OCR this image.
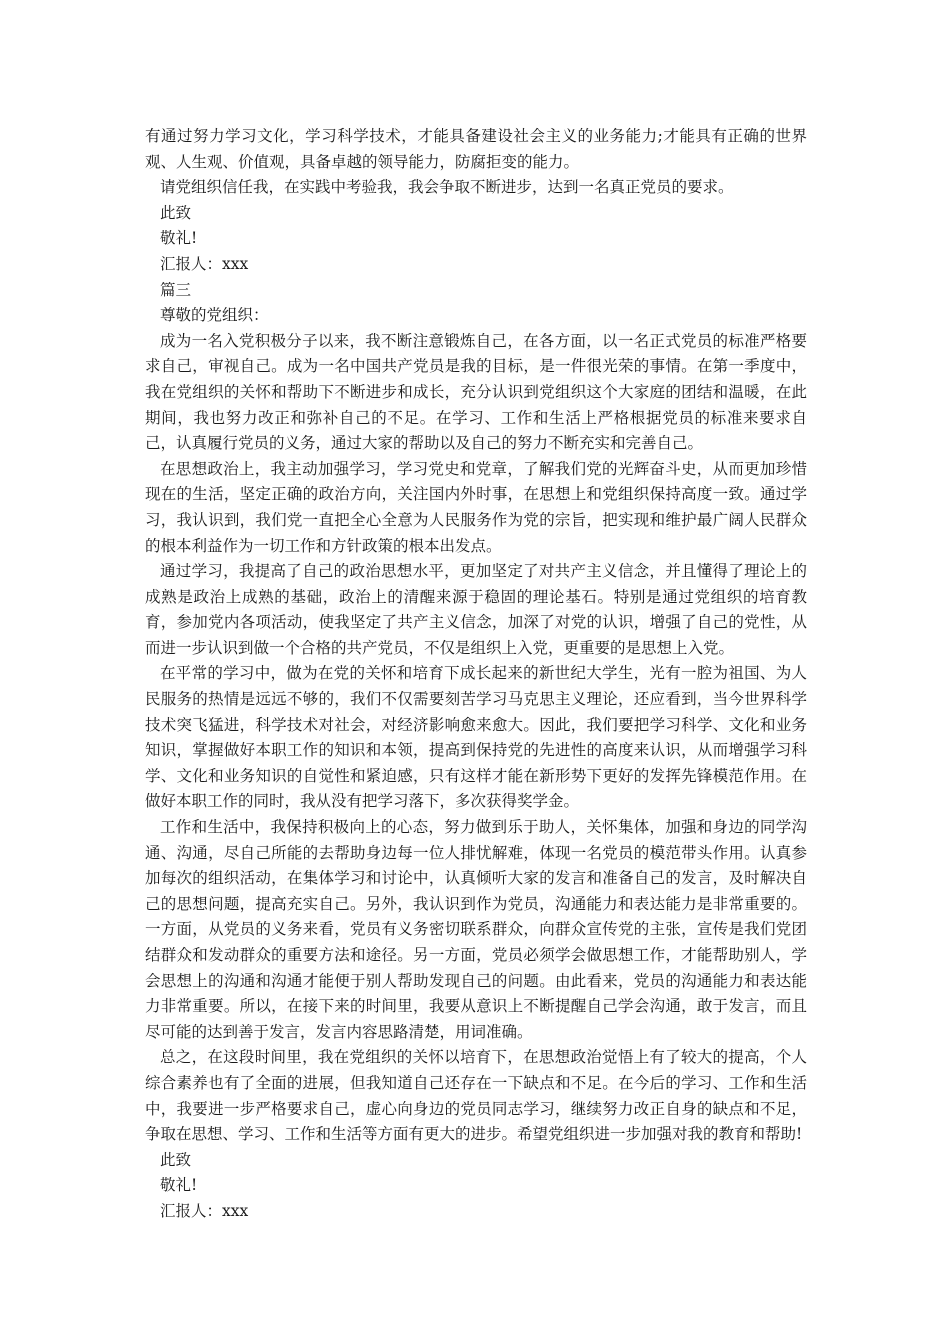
有通过努力学习文化，学习科学技术，才能具备建设社会主义的业务能力;才能具有正确的世界观、人生观、价值观，具备卓越的领导能力，防腐拒变的能力。

请党组织信任我，在实践中考验我，我会争取不断进步，达到一名真正党员的要求。

此致

敬礼!

汇报人：xxx

篇三

尊敬的党组织：

成为一名入党积极分子以来，我不断注意锻炼自己，在各方面，以一名正式党员的标准严格要求自己，审视自己。成为一名中国共产党员是我的目标，是一件很光荣的事情。在第一季度中，我在党组织的关怀和帮助下不断进步和成长，充分认识到党组织这个大家庭的团结和温暖，在此期间，我也努力改正和弥补自己的不足。在学习、工作和生活上严格根据党员的标准来要求自己，认真履行党员的义务，通过大家的帮助以及自己的努力不断充实和完善自己。

在思想政治上，我主动加强学习，学习党史和党章，了解我们党的光辉奋斗史，从而更加珍惜现在的生活，坚定正确的政治方向，关注国内外时事，在思想上和党组织保持高度一致。通过学习，我认识到，我们党一直把全心全意为人民服务作为党的宗旨，把实现和维护最广阔人民群众的根本利益作为一切工作和方针政策的根本出发点。

通过学习，我提高了自己的政治思想水平，更加坚定了对共产主义信念，并且懂得了理论上的成熟是政治上成熟的基础，政治上的清醒来源于稳固的理论基石。特别是通过党组织的培育教育，参加党内各项活动，使我坚定了共产主义信念，加深了对党的认识，增强了自己的党性，从而进一步认识到做一个合格的共产党员，不仅是组织上入党，更重要的是思想上入党。

在平常的学习中，做为在党的关怀和培育下成长起来的新世纪大学生，光有一腔为祖国、为人民服务的热情是远远不够的，我们不仅需要刻苦学习马克思主义理论，还应看到，当今世界科学技术突飞猛进，科学技术对社会，对经济影响愈来愈大。因此，我们要把学习科学、文化和业务知识，掌握做好本职工作的知识和本领，提高到保持党的先进性的高度来认识，从而增强学习科学、文化和业务知识的自觉性和紧迫感，只有这样才能在新形势下更好的发挥先锋模范作用。在做好本职工作的同时，我从没有把学习落下，多次获得奖学金。

工作和生活中，我保持积极向上的心态，努力做到乐于助人，关怀集体，加强和身边的同学沟通、沟通，尽自己所能的去帮助身边每一位人排忧解难，体现一名党员的模范带头作用。认真参加每次的组织活动，在集体学习和讨论中，认真倾听大家的发言和准备自己的发言，及时解决自己的思想问题，提高充实自己。另外，我认识到作为党员，沟通能力和表达能力是非常重要的。一方面，从党员的义务来看，党员有义务密切联系群众，向群众宣传党的主张，宣传是我们党团结群众和发动群众的重要方法和途径。另一方面，党员必须学会做思想工作，才能帮助别人，学会思想上的沟通和沟通才能便于别人帮助发现自己的问题。由此看来，党员的沟通能力和表达能力非常重要。所以，在接下来的时间里，我要从意识上不断提醒自己学会沟通，敢于发言，而且尽可能的达到善于发言，发言内容思路清楚，用词准确。

总之，在这段时间里，我在党组织的关怀以培育下，在思想政治觉悟上有了较大的提高，个人综合素养也有了全面的进展，但我知道自己还存在一下缺点和不足。在今后的学习、工作和生活中，我要进一步严格要求自己，虚心向身边的党员同志学习，继续努力改正自身的缺点和不足，争取在思想、学习、工作和生活等方面有更大的进步。希望党组织进一步加强对我的教育和帮助!

此致

敬礼!

汇报人：xxx
